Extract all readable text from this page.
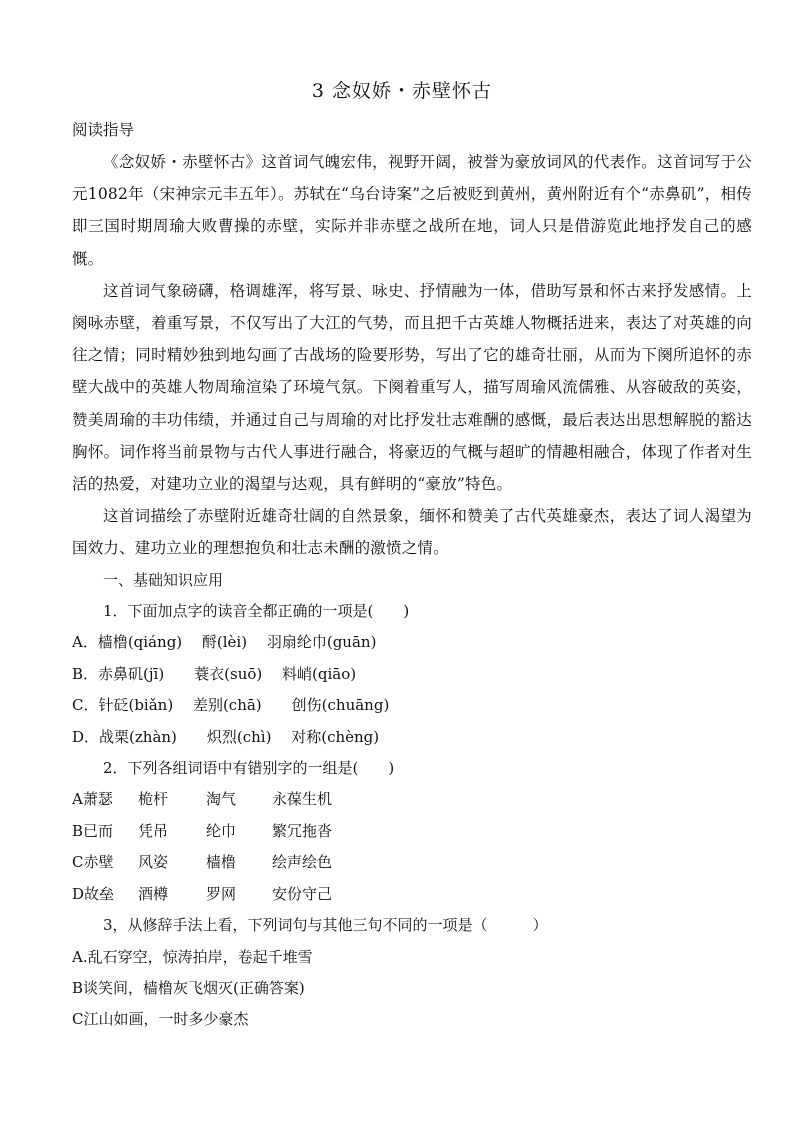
3 念奴娇・赤壁怀古
阅读指导

《念奴娇・赤壁怀古》这首词气魄宏伟，视野开阔，被誉为豪放词风的代表作。这首词写于公元1082年（宋神宗元丰五年）。苏轼在“乌台诗案”之后被贬到黄州，黄州附近有个“赤鼻矶”，相传即三国时期周瑜大败曹操的赤壁，实际并非赤壁之战所在地，词人只是借游览此地抒发自己的感慨。

这首词气象磅礴，格调雄浑，将写景、咏史、抒情融为一体，借助写景和怀古来抒发感情。上阕咏赤壁，着重写景，不仅写出了大江的气势，而且把千古英雄人物概括进来，表达了对英雄的向往之情；同时精妙独到地勾画了古战场的险要形势，写出了它的雄奇壮丽，从而为下阕所追怀的赤壁大战中的英雄人物周瑜渲染了环境气氛。下阕着重写人，描写周瑜风流儒雅、从容破敌的英姿，赞美周瑜的丰功伟绩，并通过自己与周瑜的对比抒发壮志难酬的感慨，最后表达出思想解脱的豁达胸怀。词作将当前景物与古代人事进行融合，将豪迈的气概与超旷的情趣相融合，体现了作者对生活的热爱，对建功立业的渴望与达观，具有鲜明的“豪放”特色。

这首词描绘了赤壁附近雄奇壮阔的自然景象，缅怀和赞美了古代英雄豪杰，表达了词人渴望为国效力、建功立业的理想抱负和壮志未酬的激愤之情。

一、基础知识应用
1．下面加点字的读音全都正确的一项是(　　)
A．樯橹(qiáng)　 酹(lèi)　 羽扇纶巾(guān)
B．赤鼻矶(jī)　　蓑衣(suō)　 料峭(qiāo)
C．针砭(biǎn)　 差别(chā)　　创伤(chuāng)
D．战栗(zhàn)　　炽烈(chì)　 对称(chèng)
2．下列各组词语中有错别字的一组是(　　)
A萧瑟 桅杆	淘气 永葆生机
B已而 凭吊	纶巾 繁冗拖沓
C赤壁 风姿	樯橹 绘声绘色
D故垒 酒樽	罗网 安份守己
3，从修辞手法上看，下列词句与其他三句不同的一项是（　　　）
A.乱石穿空，惊涛拍岸，卷起千堆雪
B谈笑间，樯橹灰飞烟灭(正确答案)
C江山如画，一时多少豪杰
